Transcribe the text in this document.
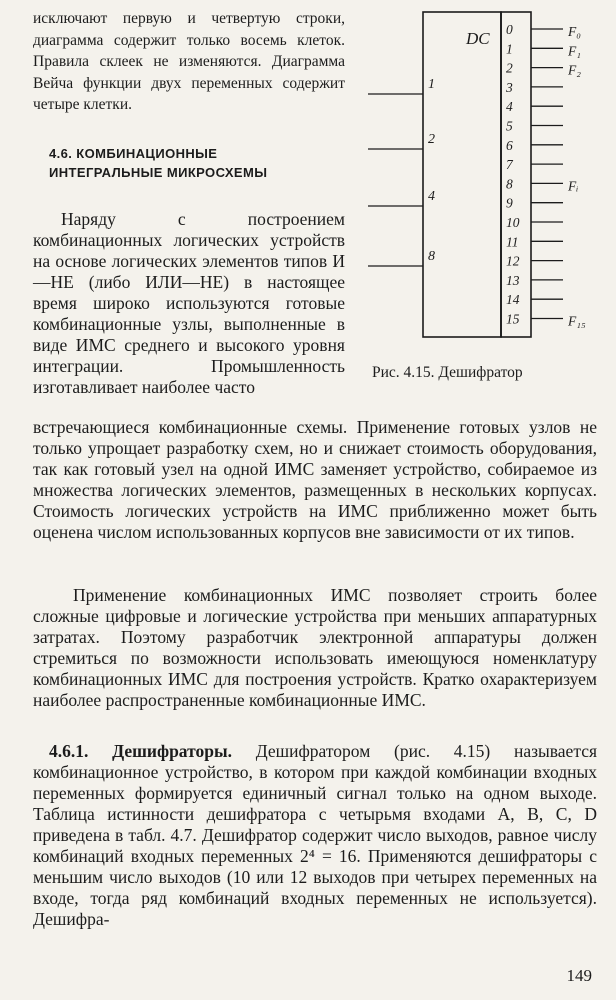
исключают первую и четвертую строки, диаграмма содержит только восемь клеток. Правила склеек не изменяются. Диаграмма Вейча функции двух переменных содержит четыре клетки.
4.6. КОМБИНАЦИОННЫЕ
ИНТЕГРАЛЬНЫЕ МИКРОСХЕМЫ
Наряду с построением комбинационных логических устройств на основе логических элементов типов И—НЕ (либо ИЛИ—НЕ) в настоящее время широко используются готовые комбинационные узлы, выполненные в виде ИМС среднего и высокого уровня интеграции. Промышленность изготавливает наиболее часто
DC
1
2
4
8
0	F₀
1	F₁
2	F₂
3
4
5
6
7
8	Fᵢ
9
10
11
12
13
14
15	F₁₅
Рис. 4.15. Дешифратор
встречающиеся комбинационные схемы. Применение готовых узлов не только упрощает разработку схем, но и снижает стоимость оборудования, так как готовый узел на одной ИМС заменяет устройство, собираемое из множества логических элементов, размещенных в нескольких корпусах. Стоимость логических устройств на ИМС приближенно может быть оценена числом использованных корпусов вне зависимости от их типов.
Применение комбинационных ИМС позволяет строить более сложные цифровые и логические устройства при меньших аппаратурных затратах. Поэтому разработчик электронной аппаратуры должен стремиться по возможности использовать имеющуюся номенклатуру комбинационных ИМС для построения устройств. Кратко охарактеризуем наиболее распространенные комбинационные ИМС.
4.6.1. Дешифраторы. Дешифратором (рис. 4.15) называется комбинационное устройство, в котором при каждой комбинации входных переменных формируется единичный сигнал только на одном выходе. Таблица истинности дешифратора с четырьмя входами A, B, C, D приведена в табл. 4.7. Дешифратор содержит число выходов, равное числу комбинаций входных переменных 2⁴ = 16. Применяются дешифраторы с меньшим число выходов (10 или 12 выходов при четырех переменных на входе, тогда ряд комбинаций входных переменных не используется). Дешифра-
149
